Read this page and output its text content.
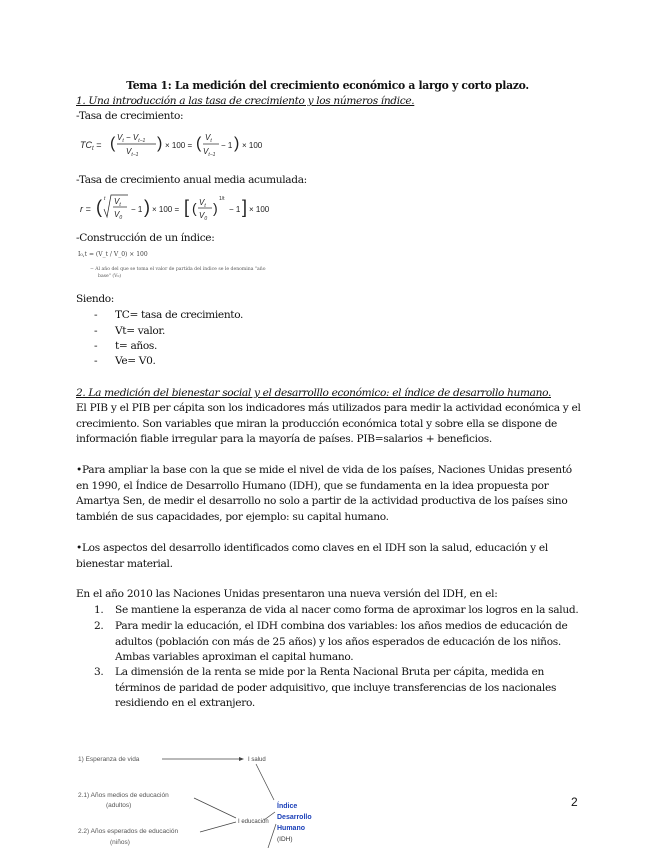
Tema 1: La medición del crecimiento económico a largo y corto plazo.
1. Una introducción a las tasa de crecimiento y los números índice.
-Tasa de crecimiento:
$TC_t$ = ( $V_t - V_{t-1}$
$V_{t-1}$
) × 100 = ( $V_t$
$V_{t-1}$
− 1 ) × 100
-Tasa de crecimiento anual media acumulada:
r = ( t $V_t$
$V_0$
− 1 ) × 100 = [ ( $V_t$
$V_0$
)
1/t
− 1 ] × 100
-Construcción de un índice:
I₀,t = (V_t / V_0) × 100
− Al año del que se toma el valor de partida del índice se le denomina "año
base" (V₀)
Siendo:
- TC= tasa de crecimiento.
- Vt= valor.
- t= años.
- Ve= V0.
2. La medición del bienestar social y el desarrolllo económico: el índice de desarrollo humano.
El PIB y el PIB per cápita son los indicadores más utilizados para medir la actividad económica y el crecimiento. Son variables que miran la producción económica total y sobre ella se dispone de información fiable irregular para la mayoría de países. PIB=salarios + beneficios.
•Para ampliar la base con la que se mide el nivel de vida de los países, Naciones Unidas presentó en 1990, el Índice de Desarrollo Humano (IDH), que se fundamenta en la idea propuesta por Amartya Sen, de medir el desarrollo no solo a partir de la actividad productiva de los países sino también de sus capacidades, por ejemplo: su capital humano.
•Los aspectos del desarrollo identificados como claves en el IDH son la salud, educación y el bienestar material.
En el año 2010 las Naciones Unidas presentaron una nueva versión del IDH, en el:
1. Se mantiene la esperanza de vida al nacer como forma de aproximar los logros en la salud.
2. Para medir la educación, el IDH combina dos variables: los años medios de educación de adultos (población con más de 25 años) y los años esperados de educación de los niños. Ambas variables aproximan el capital humano.
3. La dimensión de la renta se mide por la Renta Nacional Bruta per cápita, medida en términos de paridad de poder adquisitivo, que incluye transferencias de los nacionales residiendo en el extranjero.
1) Esperanza de vida	I salud
2.1) Años medios de educación
(adultos)
2.2) Años esperados de educación
(niños)
I educación
Índice
Desarrollo
Humano
(IDH)
2
